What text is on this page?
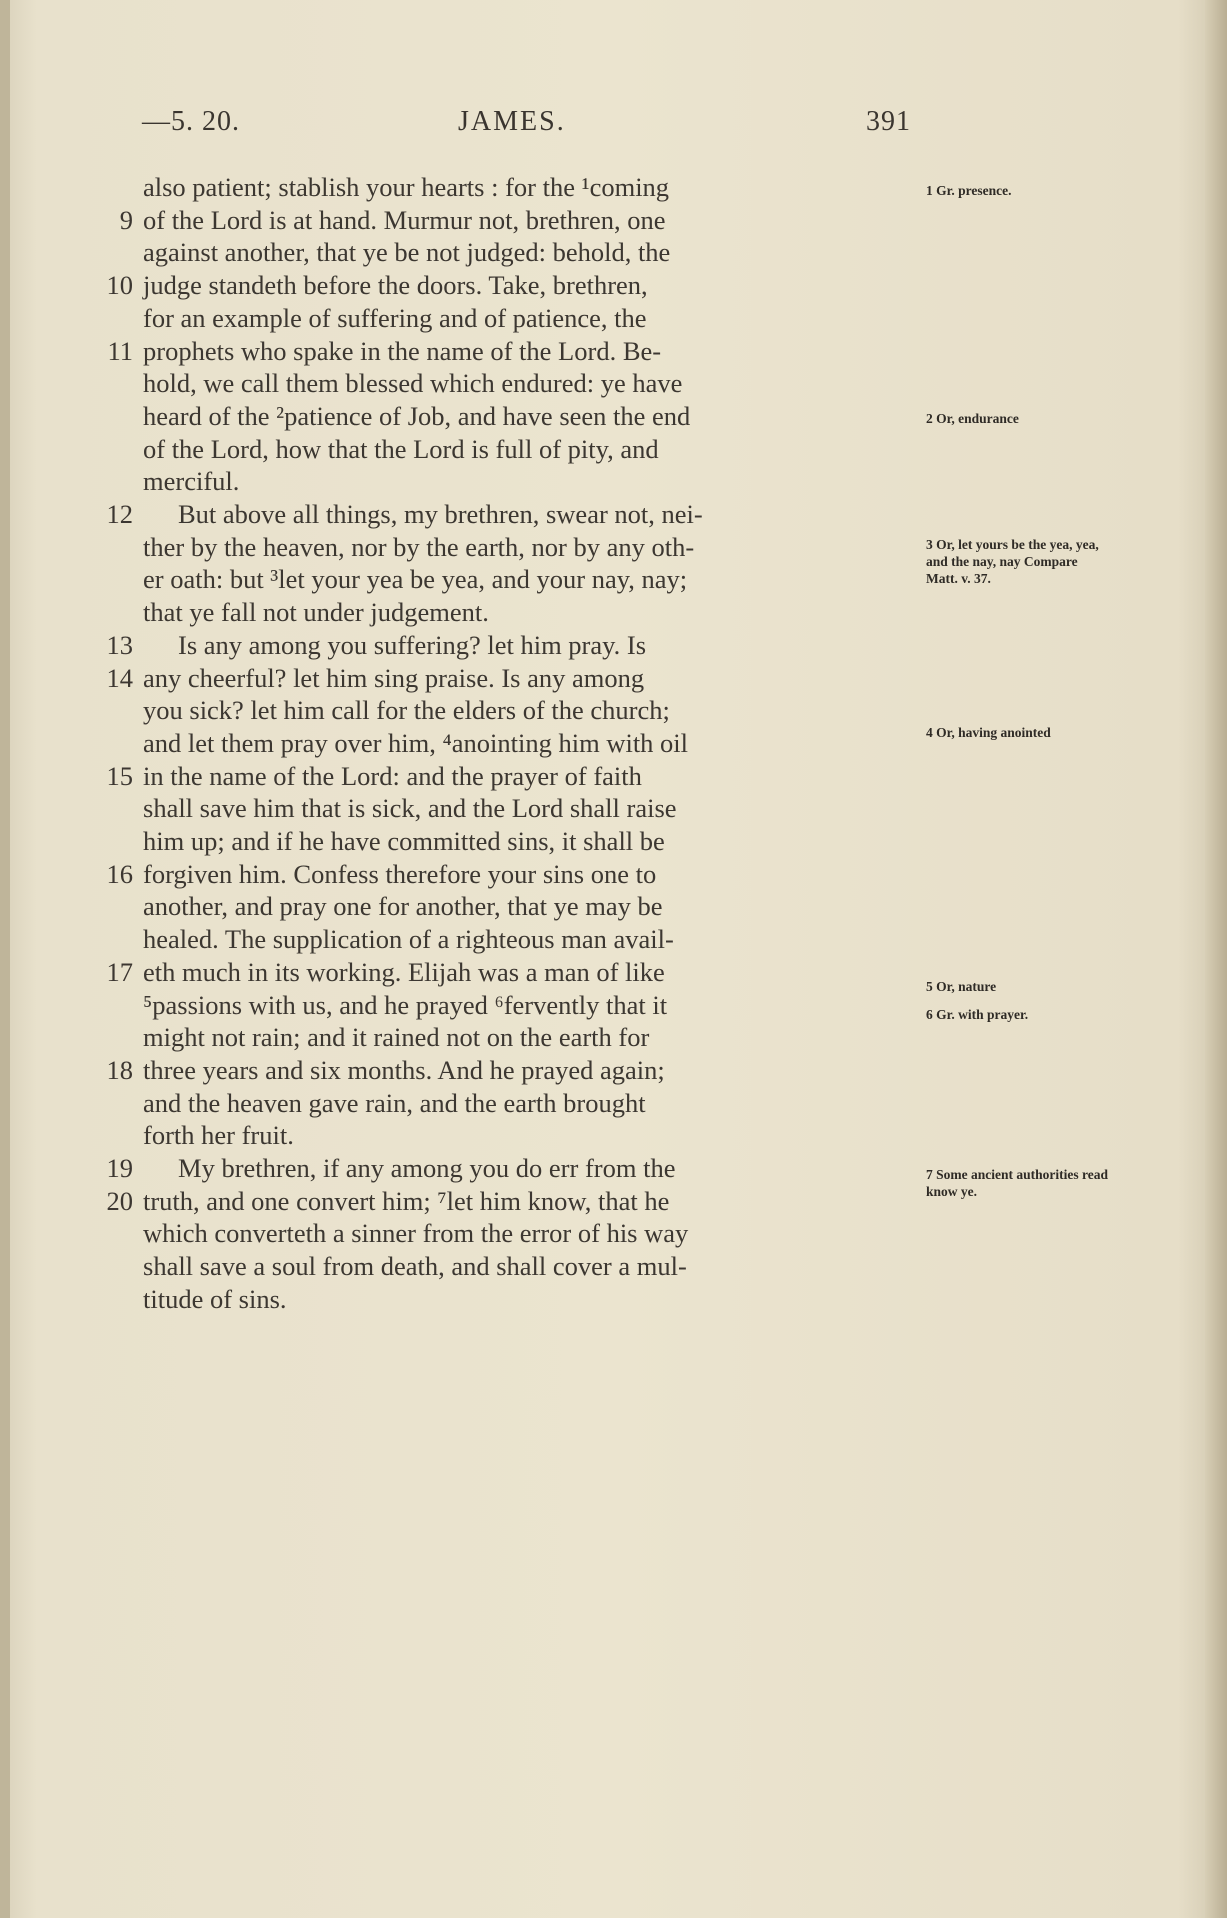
—5. 20.	JAMES.	391
also patient; stablish your hearts : for the ¹coming
9 of the Lord is at hand. Murmur not, brethren, one
against another, that ye be not judged: behold, the
10 judge standeth before the doors. Take, brethren,
for an example of suffering and of patience, the
11 prophets who spake in the name of the Lord. Be-
hold, we call them blessed which endured: ye have
heard of the ²patience of Job, and have seen the end
of the Lord, how that the Lord is full of pity, and
merciful.
12 But above all things, my brethren, swear not, nei-
ther by the heaven, nor by the earth, nor by any oth-
er oath: but ³let your yea be yea, and your nay, nay;
that ye fall not under judgement.
13 Is any among you suffering? let him pray. Is
14 any cheerful? let him sing praise. Is any among
you sick? let him call for the elders of the church;
and let them pray over him, ⁴anointing him with oil
15 in the name of the Lord: and the prayer of faith
shall save him that is sick, and the Lord shall raise
him up; and if he have committed sins, it shall be
16 forgiven him. Confess therefore your sins one to
another, and pray one for another, that ye may be
healed. The supplication of a righteous man avail-
17 eth much in its working. Elijah was a man of like
⁵passions with us, and he prayed ⁶fervently that it
might not rain; and it rained not on the earth for
18 three years and six months. And he prayed again;
and the heaven gave rain, and the earth brought
forth her fruit.
19 My brethren, if any among you do err from the
20 truth, and one convert him; ⁷let him know, that he
which converteth a sinner from the error of his way
shall save a soul from death, and shall cover a mul-
titude of sins.
1 Gr. presence.
2 Or, endurance
3 Or, let yours be the yea, yea, and the nay, nay Compare Matt. v. 37.
4 Or, having anointed
5 Or, nature
6 Gr. with prayer.
7 Some ancient authorities read know ye.
